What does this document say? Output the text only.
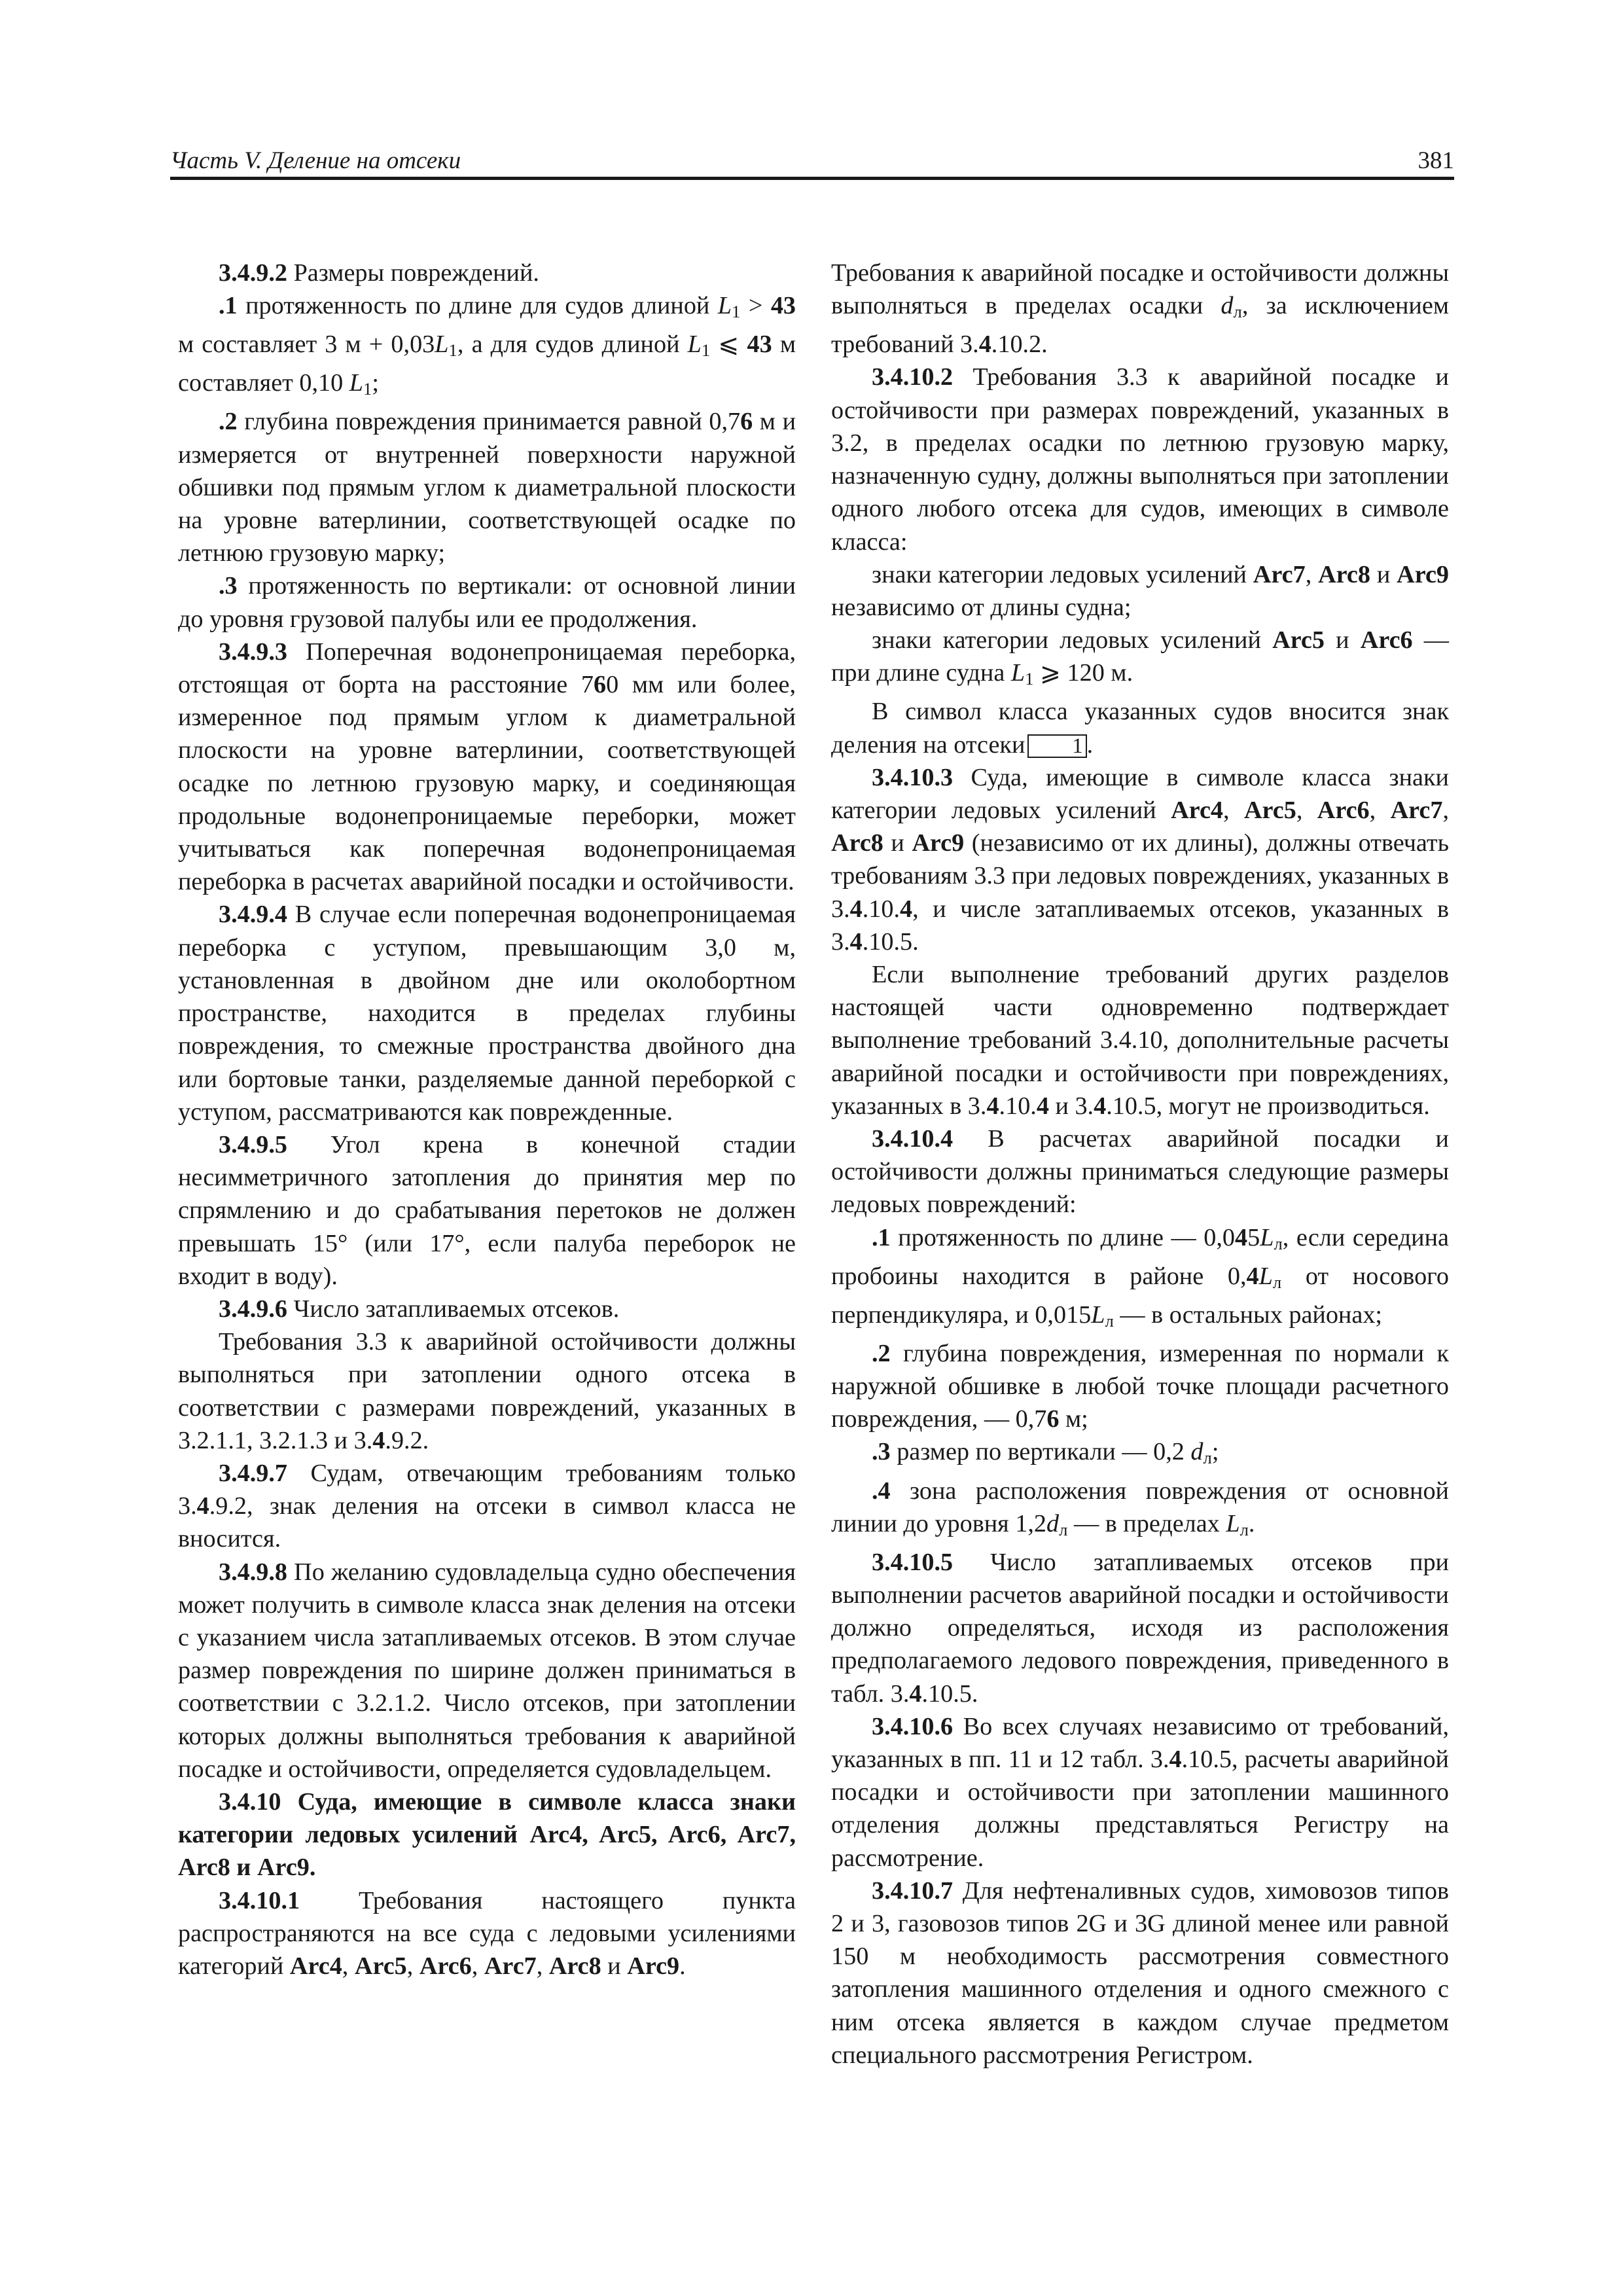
Часть V. Деление на отсеки	381

3.4.9.2 Размеры повреждений.

.1 протяженность по длине для судов длиной $L_1 > 43$ м составляет 3 $м + 0,03L_1$, а для судов длиной $L_1$ ⩽ 43 м составляет 0,10 $L_1$;

.2 глубина повреждения принимается равной 0,76 м и измеряется от внутренней поверхности наружной обшивки под прямым углом к диаметральной плоскости на уровне ватерлинии, соответствующей осадке по летнюю грузовую марку;

.3 протяженность по вертикали: от основной линии до уровня грузовой палубы или ее продолжения.

3.4.9.3 Поперечная водонепроницаемая переборка, отстоящая от борта на расстояние 760 мм или более, измеренное под прямым углом к диаметральной плоскости на уровне ватерлинии, соответствующей осадке по летнюю грузовую марку, и соединяющая продольные водонепроницаемые переборки, может учитываться как поперечная водонепроницаемая переборка в расчетах аварийной посадки и остойчивости.

3.4.9.4 В случае если поперечная водонепроницаемая переборка с уступом, превышающим 3,0 м, установленная в двойном дне или околобортном пространстве, находится в пределах глубины повреждения, то смежные пространства двойного дна или бортовые танки, разделяемые данной переборкой с уступом, рассматриваются как поврежденные.

3.4.9.5 Угол крена в конечной стадии несимметричного затопления до принятия мер по спрямлению и до срабатывания перетоков не должен превышать 15° (или 17°, если палуба переборок не входит в воду).

3.4.9.6 Число затапливаемых отсеков.

Требования 3.3 к аварийной остойчивости должны выполняться при затоплении одного отсека в соответствии с размерами повреждений, указанных в 3.2.1.1, 3.2.1.3 и 3.4.9.2.

3.4.9.7 Судам, отвечающим требованиям только 3.4.9.2, знак деления на отсеки в символ класса не вносится.

3.4.9.8 По желанию судовладельца судно обеспечения может получить в символе класса знак деления на отсеки с указанием числа затапливаемых отсеков. В этом случае размер повреждения по ширине должен приниматься в соответствии с 3.2.1.2. Число отсеков, при затоплении которых должны выполняться требования к аварийной посадке и остойчивости, определяется судовладельцем.

3.4.10 Суда, имеющие в символе класса знаки категории ледовых усилений Arc4, Arc5, Arc6, Arc7, Arc8 и Arc9.

3.4.10.1 Требования настоящего пункта распространяются на все суда с ледовыми усилениями категорий Arc4, Arc5, Arc6, Arc7, Arc8 и Arc9.

Требования к аварийной посадке и остойчивости должны выполняться в пределах осадки $d_л$, за исключением требований 3.4.10.2.

3.4.10.2 Требования 3.3 к аварийной посадке и остойчивости при размерах повреждений, указанных в 3.2, в пределах осадки по летнюю грузовую марку, назначенную судну, должны выполняться при затоплении одного любого отсека для судов, имеющих в символе класса:

знаки категории ледовых усилений Arc7, Arc8 и Arc9 независимо от длины судна;

знаки категории ледовых усилений Arc5 и Arc6 — при длине судна $L_1$ ⩾ 120 м.

В символ класса указанных судов вносится знак деления на отсеки 1 .

3.4.10.3 Суда, имеющие в символе класса знаки категории ледовых усилений Arc4, Arc5, Arc6, Arc7, Arc8 и Arc9 (независимо от их длины), должны отвечать требованиям 3.3 при ледовых повреждениях, указанных в 3.4.10.4, и числе затапливаемых отсеков, указанных в 3.4.10.5.

Если выполнение требований других разделов настоящей части одновременно подтверждает выполнение требований 3.4.10, дополнительные расчеты аварийной посадки и остойчивости при повреждениях, указанных в 3.4.10.4 и 3.4.10.5, могут не производиться.

3.4.10.4 В расчетах аварийной посадки и остойчивости должны приниматься следующие размеры ледовых повреждений:

.1 протяженность по длине — $0,045L_л$, если середина пробоины находится в районе $0,4L_л$ от носового перпендикуляра, и $0,015L_л$ — в остальных районах;

.2 глубина повреждения, измеренная по нормали к наружной обшивке в любой точке площади расчетного повреждения, — 0,76 м;

.3 размер по вертикали — 0,2 $d_л$;

.4 зона расположения повреждения от основной линии до уровня $1,2d_л$ — в пределах $L_л$.

3.4.10.5 Число затапливаемых отсеков при выполнении расчетов аварийной посадки и остойчивости должно определяться, исходя из расположения предполагаемого ледового повреждения, приведенного в табл. 3.4.10.5.

3.4.10.6 Во всех случаях независимо от требований, указанных в пп. 11 и 12 табл. 3.4.10.5, расчеты аварийной посадки и остойчивости при затоплении машинного отделения должны представляться Регистру на рассмотрение.

3.4.10.7 Для нефтеналивных судов, химовозов типов 2 и 3, газовозов типов 2G и 3G длиной менее или равной 150 м необходимость рассмотрения совместного затопления машинного отделения и одного смежного с ним отсека является в каждом случае предметом специального рассмотрения Регистром.
